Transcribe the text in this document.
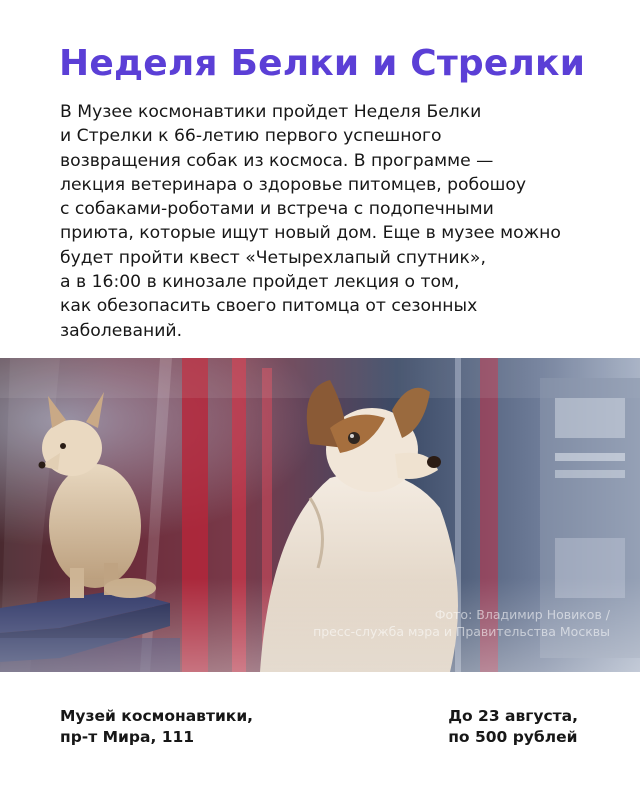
Неделя Белки и Стрелки
В Музее космонавтики пройдет Неделя Белки
и Стрелки к 66-летию первого успешного
возвращения собак из космоса. В программе —
лекция ветеринара о здоровье питомцев, робошоу
с собаками-роботами и встреча с подопечными
приюта, которые ищут новый дом. Еще в музее можно
будет пройти квест «Четырехлапый спутник»,
а в 16:00 в кинозале пройдет лекция о том,
как обезопасить своего питомца от сезонных
заболеваний.
Фото: Владимир Новиков /
пресс-служба мэра и Правительства Москвы
Музей космонавтики,
пр-т Мира, 111
До 23 августа,
по 500 рублей
